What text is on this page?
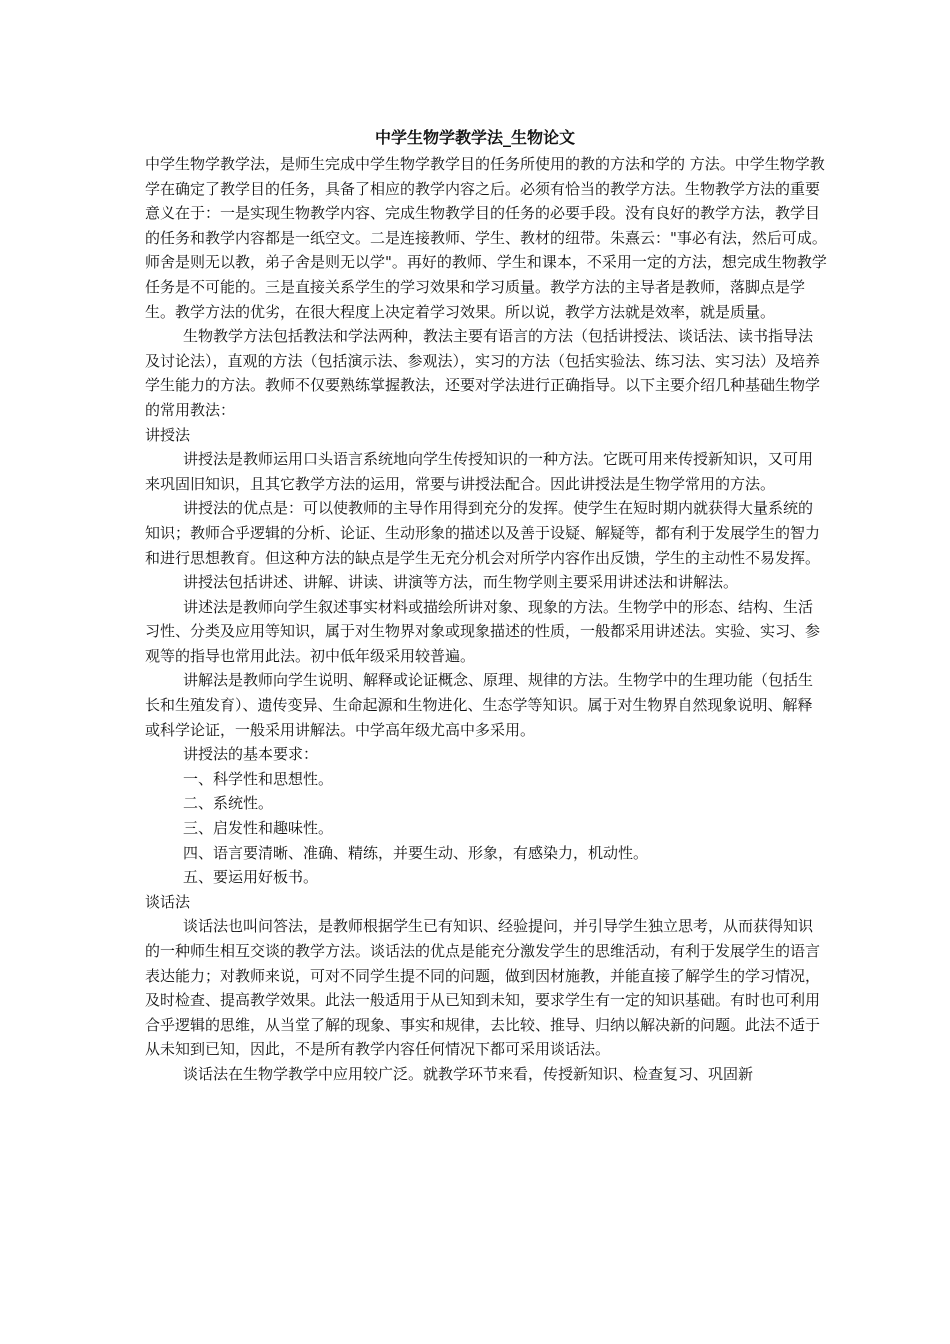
中学生物学教学法_生物论文

中学生物学教学法，是师生完成中学生物学教学目的任务所使用的教的方法和学的 方法。中学生物学教学在确定了教学目的任务，具备了相应的教学内容之后。必须有恰当的教学方法。生物教学方法的重要意义在于：一是实现生物教学内容、完成生物教学目的任务的必要手段。没有良好的教学方法，教学目的任务和教学内容都是一纸空文。二是连接教师、学生、教材的纽带。朱熹云："事必有法，然后可成。师舍是则无以教，弟子舍是则无以学"。再好的教师、学生和课本，不采用一定的方法，想完成生物教学任务是不可能的。三是直接关系学生的学习效果和学习质量。教学方法的主导者是教师，落脚点是学生。教学方法的优劣，在很大程度上决定着学习效果。所以说，教学方法就是效率，就是质量。

生物教学方法包括教法和学法两种，教法主要有语言的方法（包括讲授法、谈话法、读书指导法及讨论法），直观的方法（包括演示法、参观法），实习的方法（包括实验法、练习法、实习法）及培养学生能力的方法。教师不仅要熟练掌握教法，还要对学法进行正确指导。以下主要介绍几种基础生物学的常用教法：

讲授法

讲授法是教师运用口头语言系统地向学生传授知识的一种方法。它既可用来传授新知识，又可用来巩固旧知识，且其它教学方法的运用，常要与讲授法配合。因此讲授法是生物学常用的方法。

讲授法的优点是：可以使教师的主导作用得到充分的发挥。使学生在短时期内就获得大量系统的知识；教师合乎逻辑的分析、论证、生动形象的描述以及善于设疑、解疑等，都有利于发展学生的智力和进行思想教育。但这种方法的缺点是学生无充分机会对所学内容作出反馈，学生的主动性不易发挥。

讲授法包括讲述、讲解、讲读、讲演等方法，而生物学则主要采用讲述法和讲解法。

讲述法是教师向学生叙述事实材料或描绘所讲对象、现象的方法。生物学中的形态、结构、生活习性、分类及应用等知识，属于对生物界对象或现象描述的性质，一般都采用讲述法。实验、实习、参观等的指导也常用此法。初中低年级采用较普遍。

讲解法是教师向学生说明、解释或论证概念、原理、规律的方法。生物学中的生理功能（包括生长和生殖发育）、遗传变异、生命起源和生物进化、生态学等知识。属于对生物界自然现象说明、解释或科学论证，一般采用讲解法。中学高年级尤高中多采用。

讲授法的基本要求：

一、科学性和思想性。

二、系统性。

三、启发性和趣味性。

四、语言要清晰、准确、精练，并要生动、形象，有感染力，机动性。

五、要运用好板书。

谈话法

谈话法也叫问答法，是教师根据学生已有知识、经验提问，并引导学生独立思考，从而获得知识的一种师生相互交谈的教学方法。谈话法的优点是能充分激发学生的思维活动，有利于发展学生的语言表达能力；对教师来说，可对不同学生提不同的问题，做到因材施教，并能直接了解学生的学习情况，及时检查、提高教学效果。此法一般适用于从已知到未知，要求学生有一定的知识基础。有时也可利用合乎逻辑的思维，从当堂了解的现象、事实和规律，去比较、推导、归纳以解决新的问题。此法不适于从未知到已知，因此，不是所有教学内容任何情况下都可采用谈话法。

谈话法在生物学教学中应用较广泛。就教学环节来看，传授新知识、检查复习、巩固新
